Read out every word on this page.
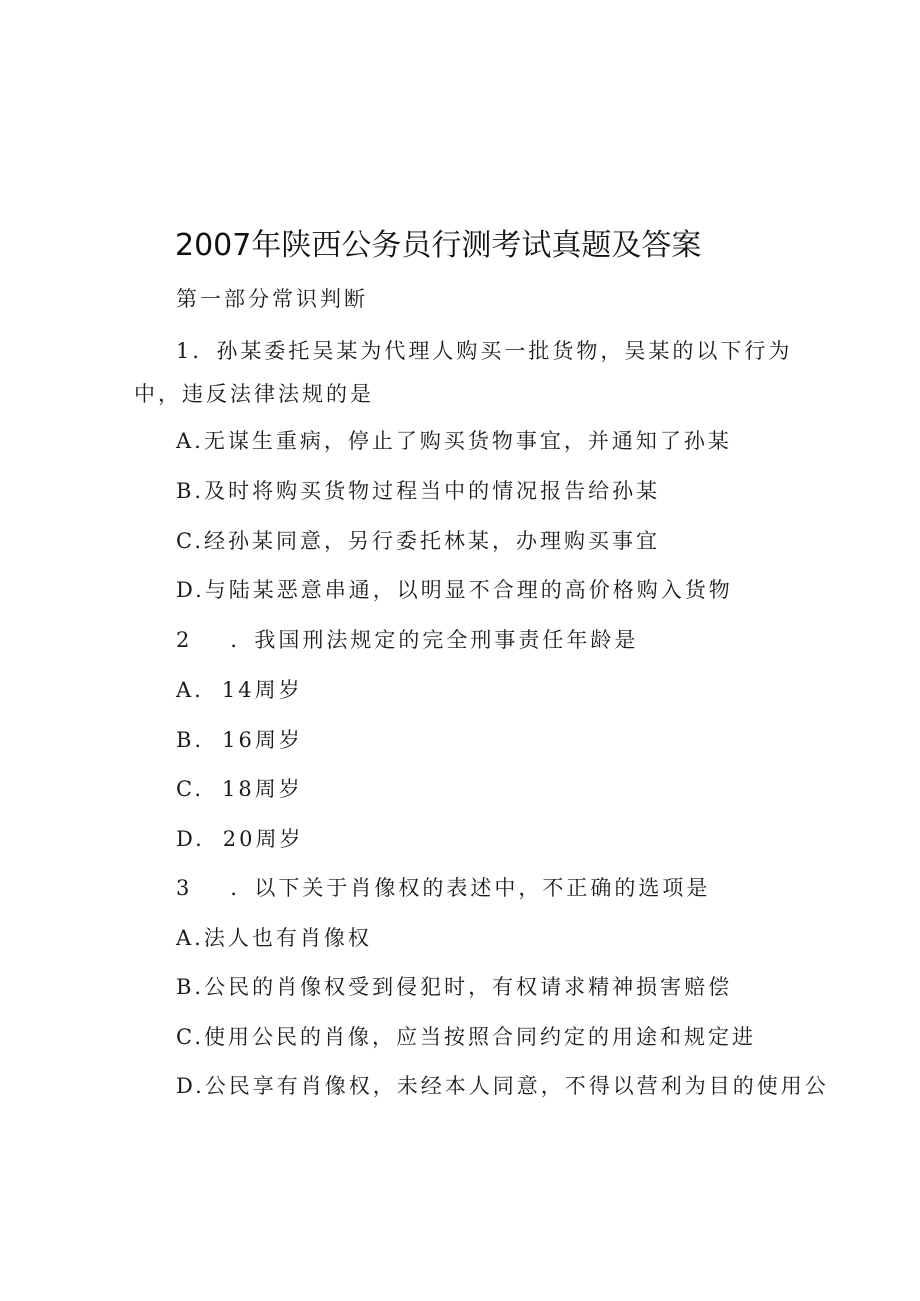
2007年陕西公务员行测考试真题及答案
第一部分常识判断
1．孙某委托吴某为代理人购买一批货物，吴某的以下行为
中，违反法律法规的是
A.无谋生重病，停止了购买货物事宜，并通知了孙某
B.及时将购买货物过程当中的情况报告给孙某
C.经孙某同意，另行委托林某，办理购买事宜
D.与陆某恶意串通，以明显不合理的高价格购入货物
2 ．我国刑法规定的完全刑事责任年龄是
A. 14周岁
B. 16周岁
C. 18周岁
D. 20周岁
3 ．以下关于肖像权的表述中，不正确的选项是
A.法人也有肖像权
B.公民的肖像权受到侵犯时，有权请求精神损害赔偿
C.使用公民的肖像，应当按照合同约定的用途和规定进
D.公民享有肖像权，未经本人同意，不得以营利为目的使用公
